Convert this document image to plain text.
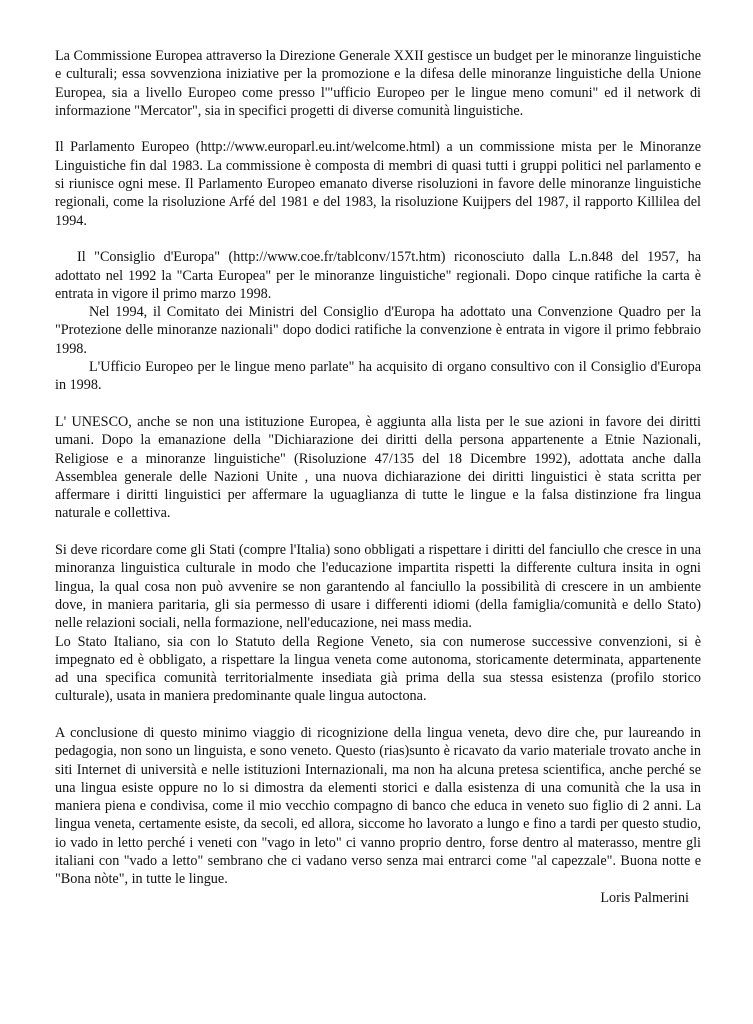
La Commissione Europea attraverso la Direzione Generale XXII gestisce un budget per le minoranze linguistiche e culturali; essa sovvenziona iniziative per la promozione e la difesa delle minoranze linguistiche della Unione Europea, sia a livello Europeo come presso l'"ufficio Europeo per le lingue meno comuni" ed il network di informazione "Mercator", sia in specifici progetti di diverse comunità linguistiche.

Il Parlamento Europeo (http://www.europarl.eu.int/welcome.html) a un commissione mista per le Minoranze Linguistiche fin dal 1983. La commissione è composta di membri di quasi tutti i gruppi politici nel parlamento e si riunisce ogni mese. Il Parlamento Europeo emanato diverse risoluzioni in favore delle minoranze linguistiche regionali, come la risoluzione Arfé del 1981 e del 1983, la risoluzione Kuijpers del 1987, il rapporto Killilea del 1994.

Il "Consiglio d'Europa" (http://www.coe.fr/tablconv/157t.htm) riconosciuto dalla L.n.848 del 1957, ha adottato nel 1992 la "Carta Europea" per le minoranze linguistiche" regionali. Dopo cinque ratifiche la carta è entrata in vigore il primo marzo 1998.

Nel 1994, il Comitato dei Ministri del Consiglio d'Europa ha adottato una Convenzione Quadro per la "Protezione delle minoranze nazionali" dopo dodici ratifiche la convenzione è entrata in vigore il primo febbraio 1998.

L'Ufficio Europeo per le lingue meno parlate" ha acquisito di organo consultivo con il Consiglio d'Europa in 1998.

L' UNESCO, anche se non una istituzione Europea, è aggiunta alla lista per le sue azioni in favore dei diritti umani. Dopo la emanazione della "Dichiarazione dei diritti della persona appartenente a Etnie Nazionali, Religiose e a minoranze linguistiche" (Risoluzione 47/135 del 18 Dicembre 1992), adottata anche dalla Assemblea generale delle Nazioni Unite , una nuova dichiarazione dei diritti linguistici è stata scritta per affermare i diritti linguistici per affermare la uguaglianza di tutte le lingue e la falsa distinzione fra lingua naturale e collettiva.

Si deve ricordare come gli Stati (compre l'Italia) sono obbligati a rispettare i diritti del fanciullo che cresce in una minoranza linguistica culturale in modo che l'educazione impartita rispetti la differente cultura insita in ogni lingua, la qual cosa non può avvenire se non garantendo al fanciullo la possibilità di crescere in un ambiente dove, in maniera paritaria, gli sia permesso di usare i differenti idiomi (della famiglia/comunità e dello Stato) nelle relazioni sociali, nella formazione, nell'educazione, nei mass media.

Lo Stato Italiano, sia con lo Statuto della Regione Veneto, sia con numerose successive convenzioni, si è impegnato ed è obbligato, a rispettare la lingua veneta come autonoma, storicamente determinata, appartenente ad una specifica comunità territorialmente insediata già prima della sua stessa esistenza (profilo storico culturale), usata in maniera predominante quale lingua autoctona.

A conclusione di questo minimo viaggio di ricognizione della lingua veneta, devo dire che, pur laureando in pedagogia, non sono un linguista, e sono veneto. Questo (rias)sunto è ricavato da vario materiale trovato anche in siti Internet di università e nelle istituzioni Internazionali, ma non ha alcuna pretesa scientifica, anche perché se una lingua esiste oppure no lo si dimostra da elementi storici e dalla esistenza di una comunità che la usa in maniera piena e condivisa, come il mio vecchio compagno di banco che educa in veneto suo figlio di 2 anni. La lingua veneta, certamente esiste, da secoli, ed allora, siccome ho lavorato a lungo e fino a tardi per questo studio, io vado in letto perché i veneti con "vago in leto" ci vanno proprio dentro, forse dentro al materasso, mentre gli italiani con "vado a letto" sembrano che ci vadano verso senza mai entrarci come "al capezzale". Buona notte e "Bona nòte", in tutte le lingue.

Loris Palmerini
